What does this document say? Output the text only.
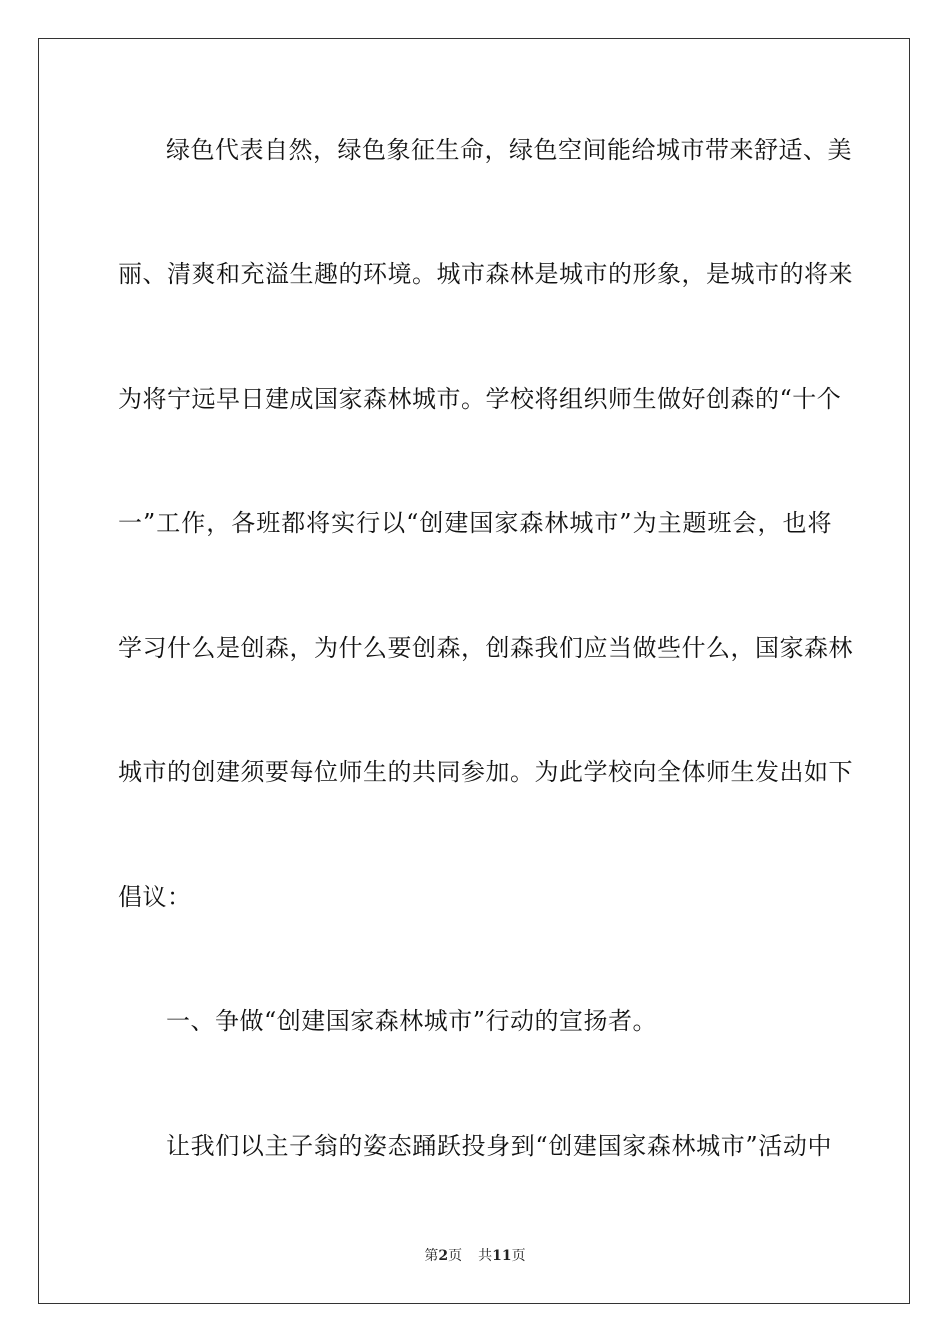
绿色代表自然，绿色象征生命，绿色空间能给城市带来舒适、美
丽、清爽和充溢生趣的环境。城市森林是城市的形象，是城市的将来
为将宁远早日建成国家森林城市。学校将组织师生做好创森的“十个
一”工作，各班都将实行以“创建国家森林城市”为主题班会，也将
学习什么是创森，为什么要创森，创森我们应当做些什么，国家森林
城市的创建须要每位师生的共同参加。为此学校向全体师生发出如下
倡议：
一、争做“创建国家森林城市”行动的宣扬者。
让我们以主子翁的姿态踊跃投身到“创建国家森林城市”活动中
第2页 共11页
